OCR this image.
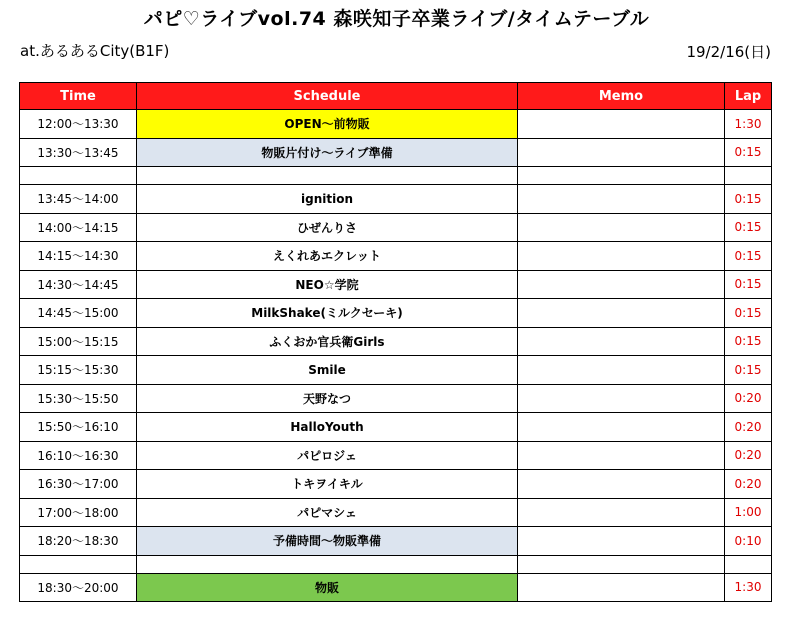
パピ♡ライブvol.74 森咲知子卒業ライブ/タイムテーブル
at.あるあるCity(B1F)	19/2/16(日)
Time	Schedule	Memo	Lap
12:00～13:30	OPEN～前物販		1:30
13:30～13:45	物販片付け～ライブ準備		0:15

13:45～14:00	ignition		0:15
14:00～14:15	ひぜんりさ		0:15
14:15～14:30	えくれあエクレット		0:15
14:30～14:45	NEO☆学院		0:15
14:45～15:00	MilkShake(ミルクセーキ)		0:15
15:00～15:15	ふくおか官兵衛Girls		0:15
15:15～15:30	Smile		0:15
15:30～15:50	天野なつ		0:20
15:50～16:10	HalloYouth		0:20
16:10～16:30	パピロジェ		0:20
16:30～17:00	トキヲイキル		0:20
17:00～18:00	パピマシェ		1:00
18:20～18:30	予備時間～物販準備		0:10

18:30～20:00	物販		1:30
